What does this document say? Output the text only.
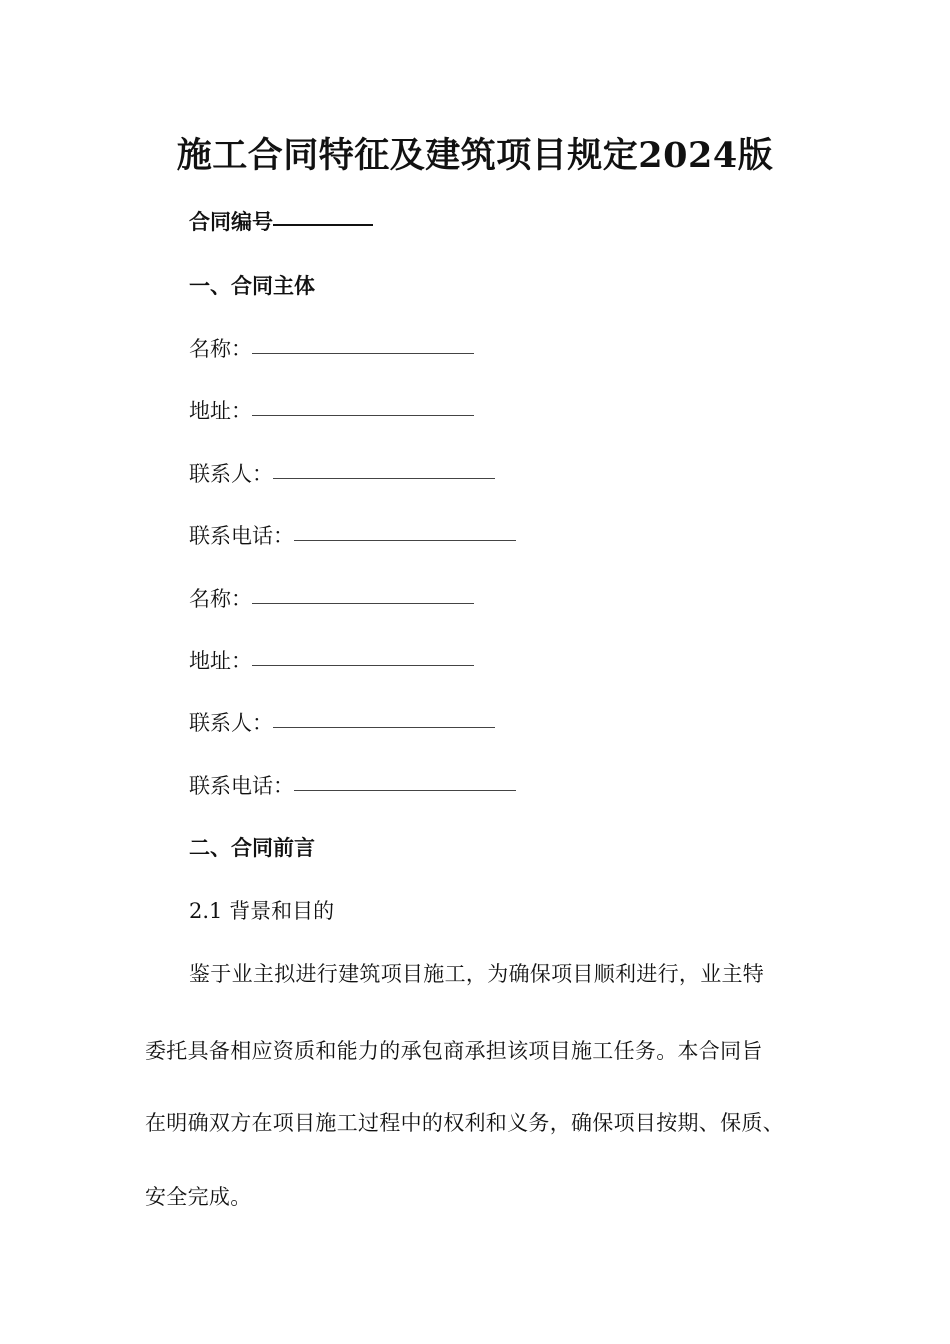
施工合同特征及建筑项目规定2024版
合同编号
一、合同主体
名称：
地址：
联系人：
联系电话：
名称：
地址：
联系人：
联系电话：
二、合同前言
2.1 背景和目的
鉴于业主拟进行建筑项目施工，为确保项目顺利进行，业主特
委托具备相应资质和能力的承包商承担该项目施工任务。本合同旨
在明确双方在项目施工过程中的权利和义务，确保项目按期、保质、
安全完成。
